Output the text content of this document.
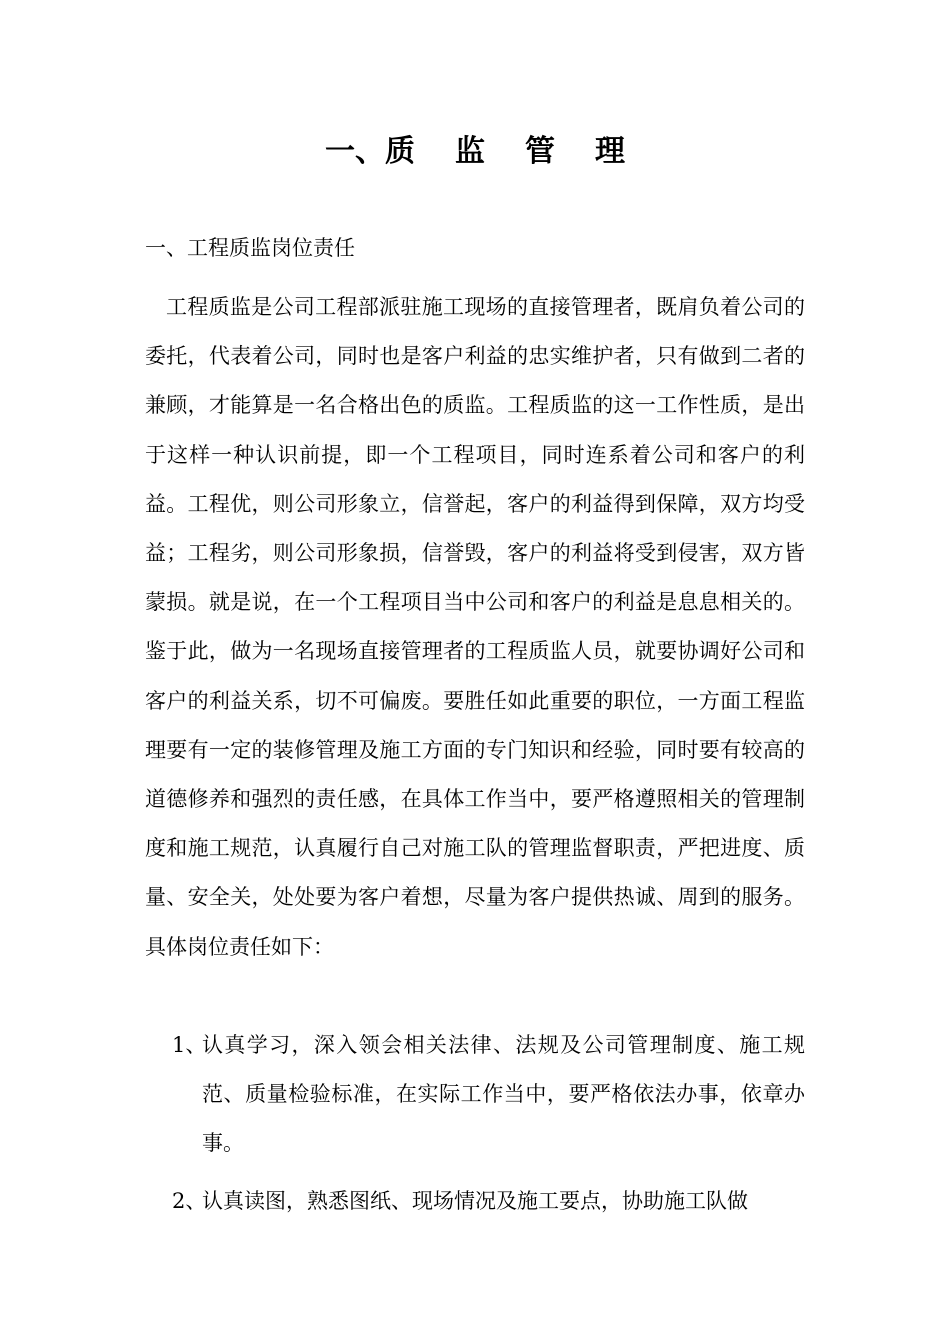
一、质 监 管 理
一、工程质监岗位责任

工程质监是公司工程部派驻施工现场的直接管理者，既肩负着公司的委托，代表着公司，同时也是客户利益的忠实维护者，只有做到二者的兼顾，才能算是一名合格出色的质监。工程质监的这一工作性质，是出于这样一种认识前提，即一个工程项目，同时连系着公司和客户的利益。工程优，则公司形象立，信誉起，客户的利益得到保障，双方均受益；工程劣，则公司形象损，信誉毁，客户的利益将受到侵害，双方皆蒙损。就是说，在一个工程项目当中公司和客户的利益是息息相关的。鉴于此，做为一名现场直接管理者的工程质监人员，就要协调好公司和客户的利益关系，切不可偏废。要胜任如此重要的职位，一方面工程监理要有一定的装修管理及施工方面的专门知识和经验，同时要有较高的道德修养和强烈的责任感，在具体工作当中，要严格遵照相关的管理制度和施工规范，认真履行自己对施工队的管理监督职责，严把进度、质量、安全关，处处要为客户着想，尽量为客户提供热诚、周到的服务。具体岗位责任如下：

1、
认真学习，深入领会相关法律、法规及公司管理制度、施工规范、质量检验标准，在实际工作当中，要严格依法办事，依章办事。
2、
认真读图，熟悉图纸、现场情况及施工要点，协助施工队做
